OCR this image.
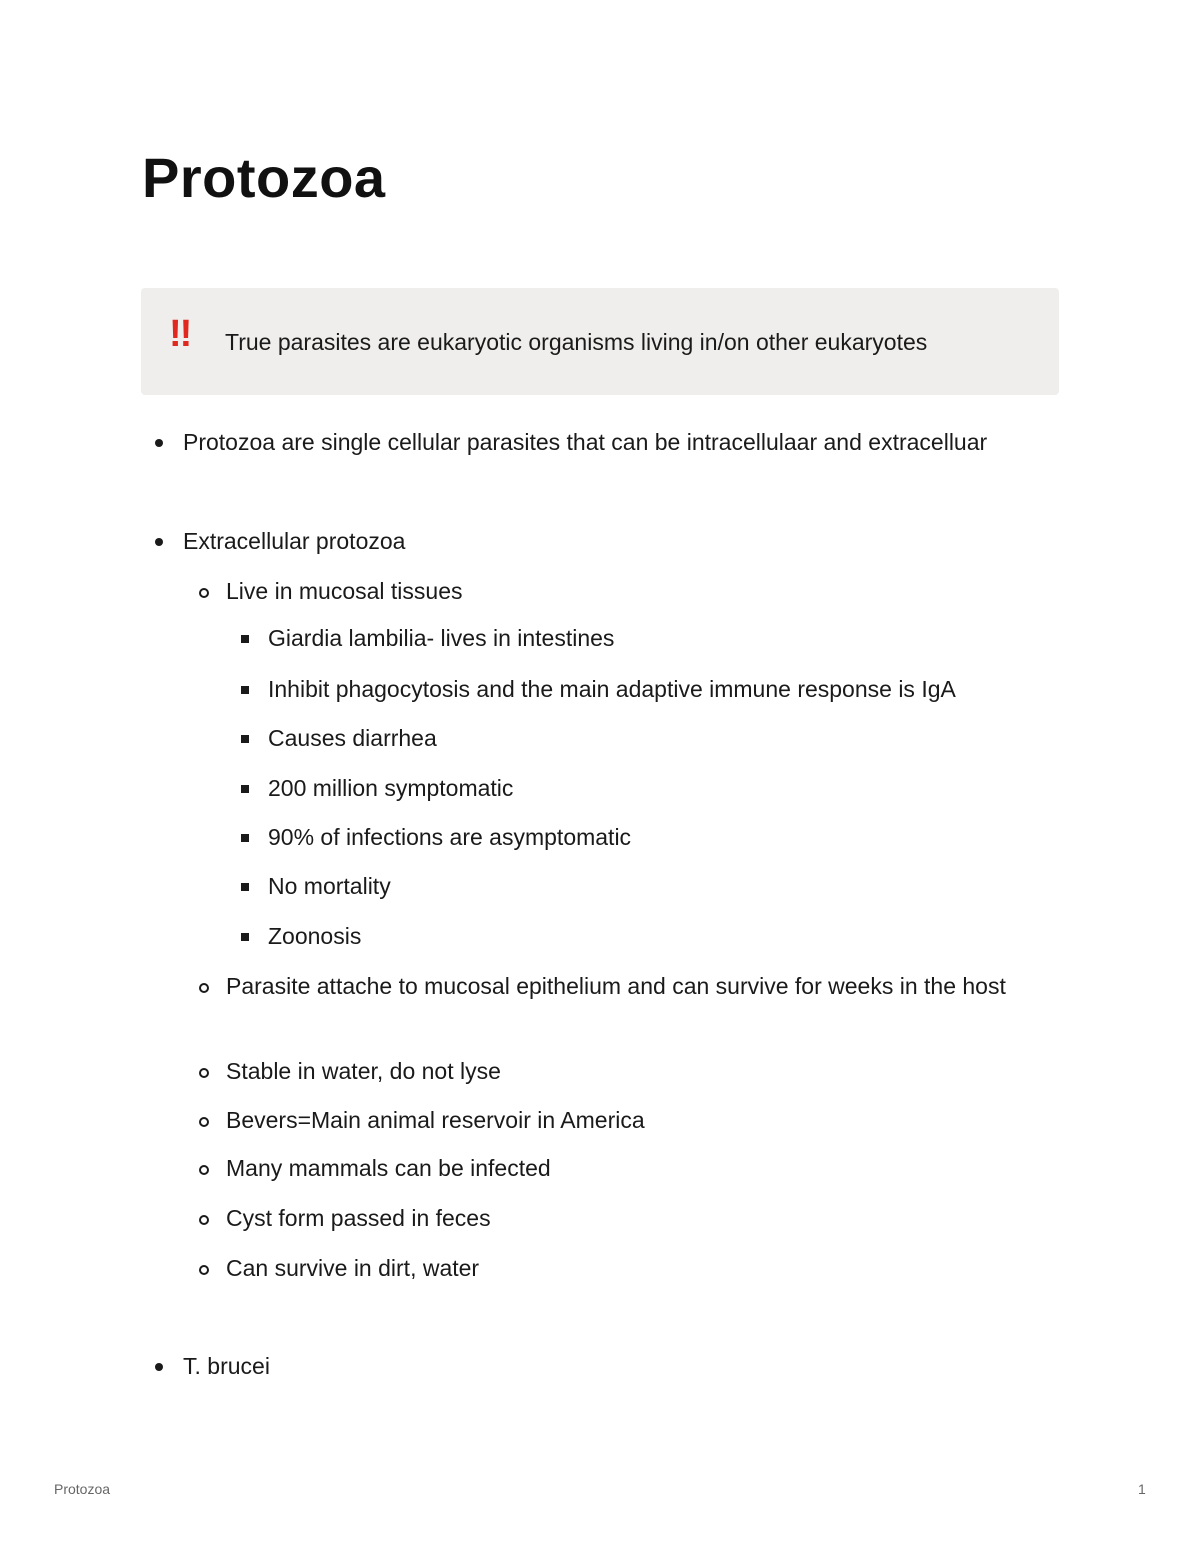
Protozoa
!! True parasites are eukaryotic organisms living in/on other eukaryotes
Protozoa are single cellular parasites that can be intracellulaar and extracelluar
Extracellular protozoa
Live in mucosal tissues
Giardia lambilia- lives in intestines
Inhibit phagocytosis and the main adaptive immune response is IgA
Causes diarrhea
200 million symptomatic
90% of infections are asymptomatic
No mortality
Zoonosis
Parasite attache to mucosal epithelium and can survive for weeks in the host
Stable in water, do not lyse
Bevers=Main animal reservoir in America
Many mammals can be infected
Cyst form passed in feces
Can survive in dirt, water
T. brucei
Protozoa	1
